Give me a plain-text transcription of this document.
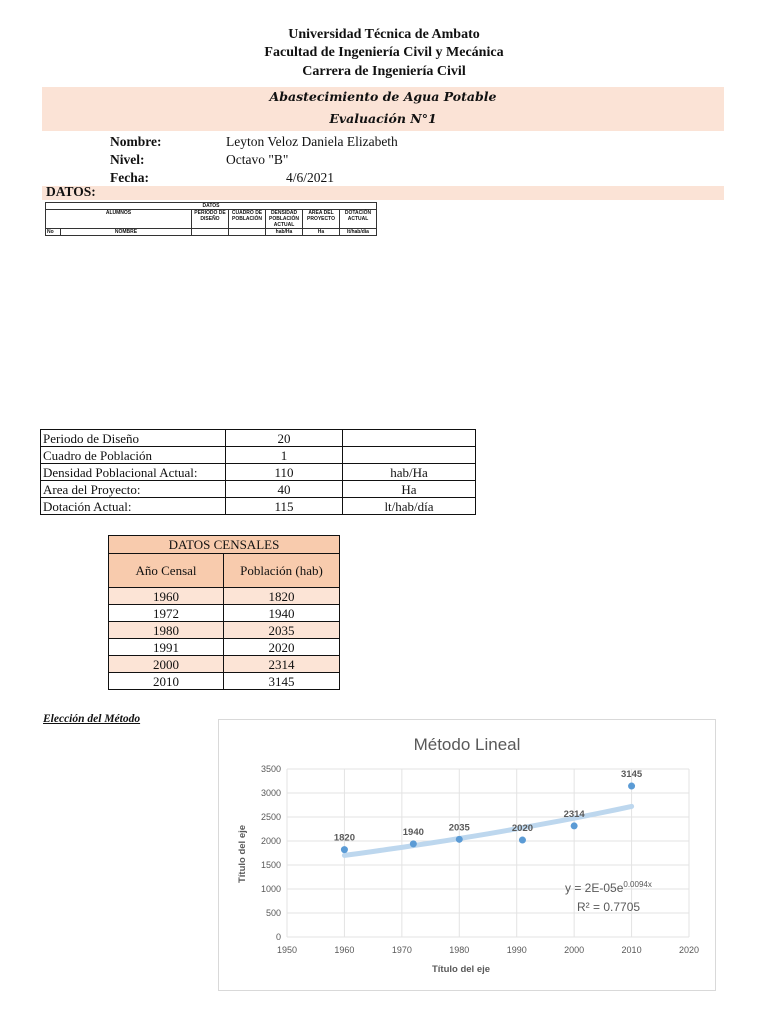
Universidad Técnica de Ambato
Facultad de Ingeniería Civil y Mecánica
Carrera de Ingeniería Civil
Abastecimiento de Agua Potable
Evaluación N°1
Nombre:	Leyton Veloz Daniela Elizabeth
Nivel:	Octavo "B"
Fecha:	4/6/2021
DATOS:
DATOS						
ALUMNOS		PERIODO DE DISEÑO	CUADRO DE POBLACIÓN	DENSIDAD POBLACIÓN ACTUAL	AREA DEL PROYECTO	DOTACIÓN ACTUAL
No	NOMBRE			hab/Ha	Ha	lt/hab/dia
Periodo de Diseño	20	
Cuadro de Población	1	
Densidad Poblacional Actual:	110	hab/Ha
Area del Proyecto:	40	Ha
Dotación Actual:	115	lt/hab/día
DATOS CENSALES	
Año Censal	Población (hab)
1960	1820
1972	1940
1980	2035
1991	2020
2000	2314
2010	3145
Elección del Método
Método Lineal
1950	1960	1970	1980	1990	2000	2010	2020
0
500
1000
1500
2000
2500
3000
3500
1820
1940	2035	2020
2314
3145
$y = 2E-05e^{0.0094x}$
R² = 0.7705
Título del eje
Título del eje
